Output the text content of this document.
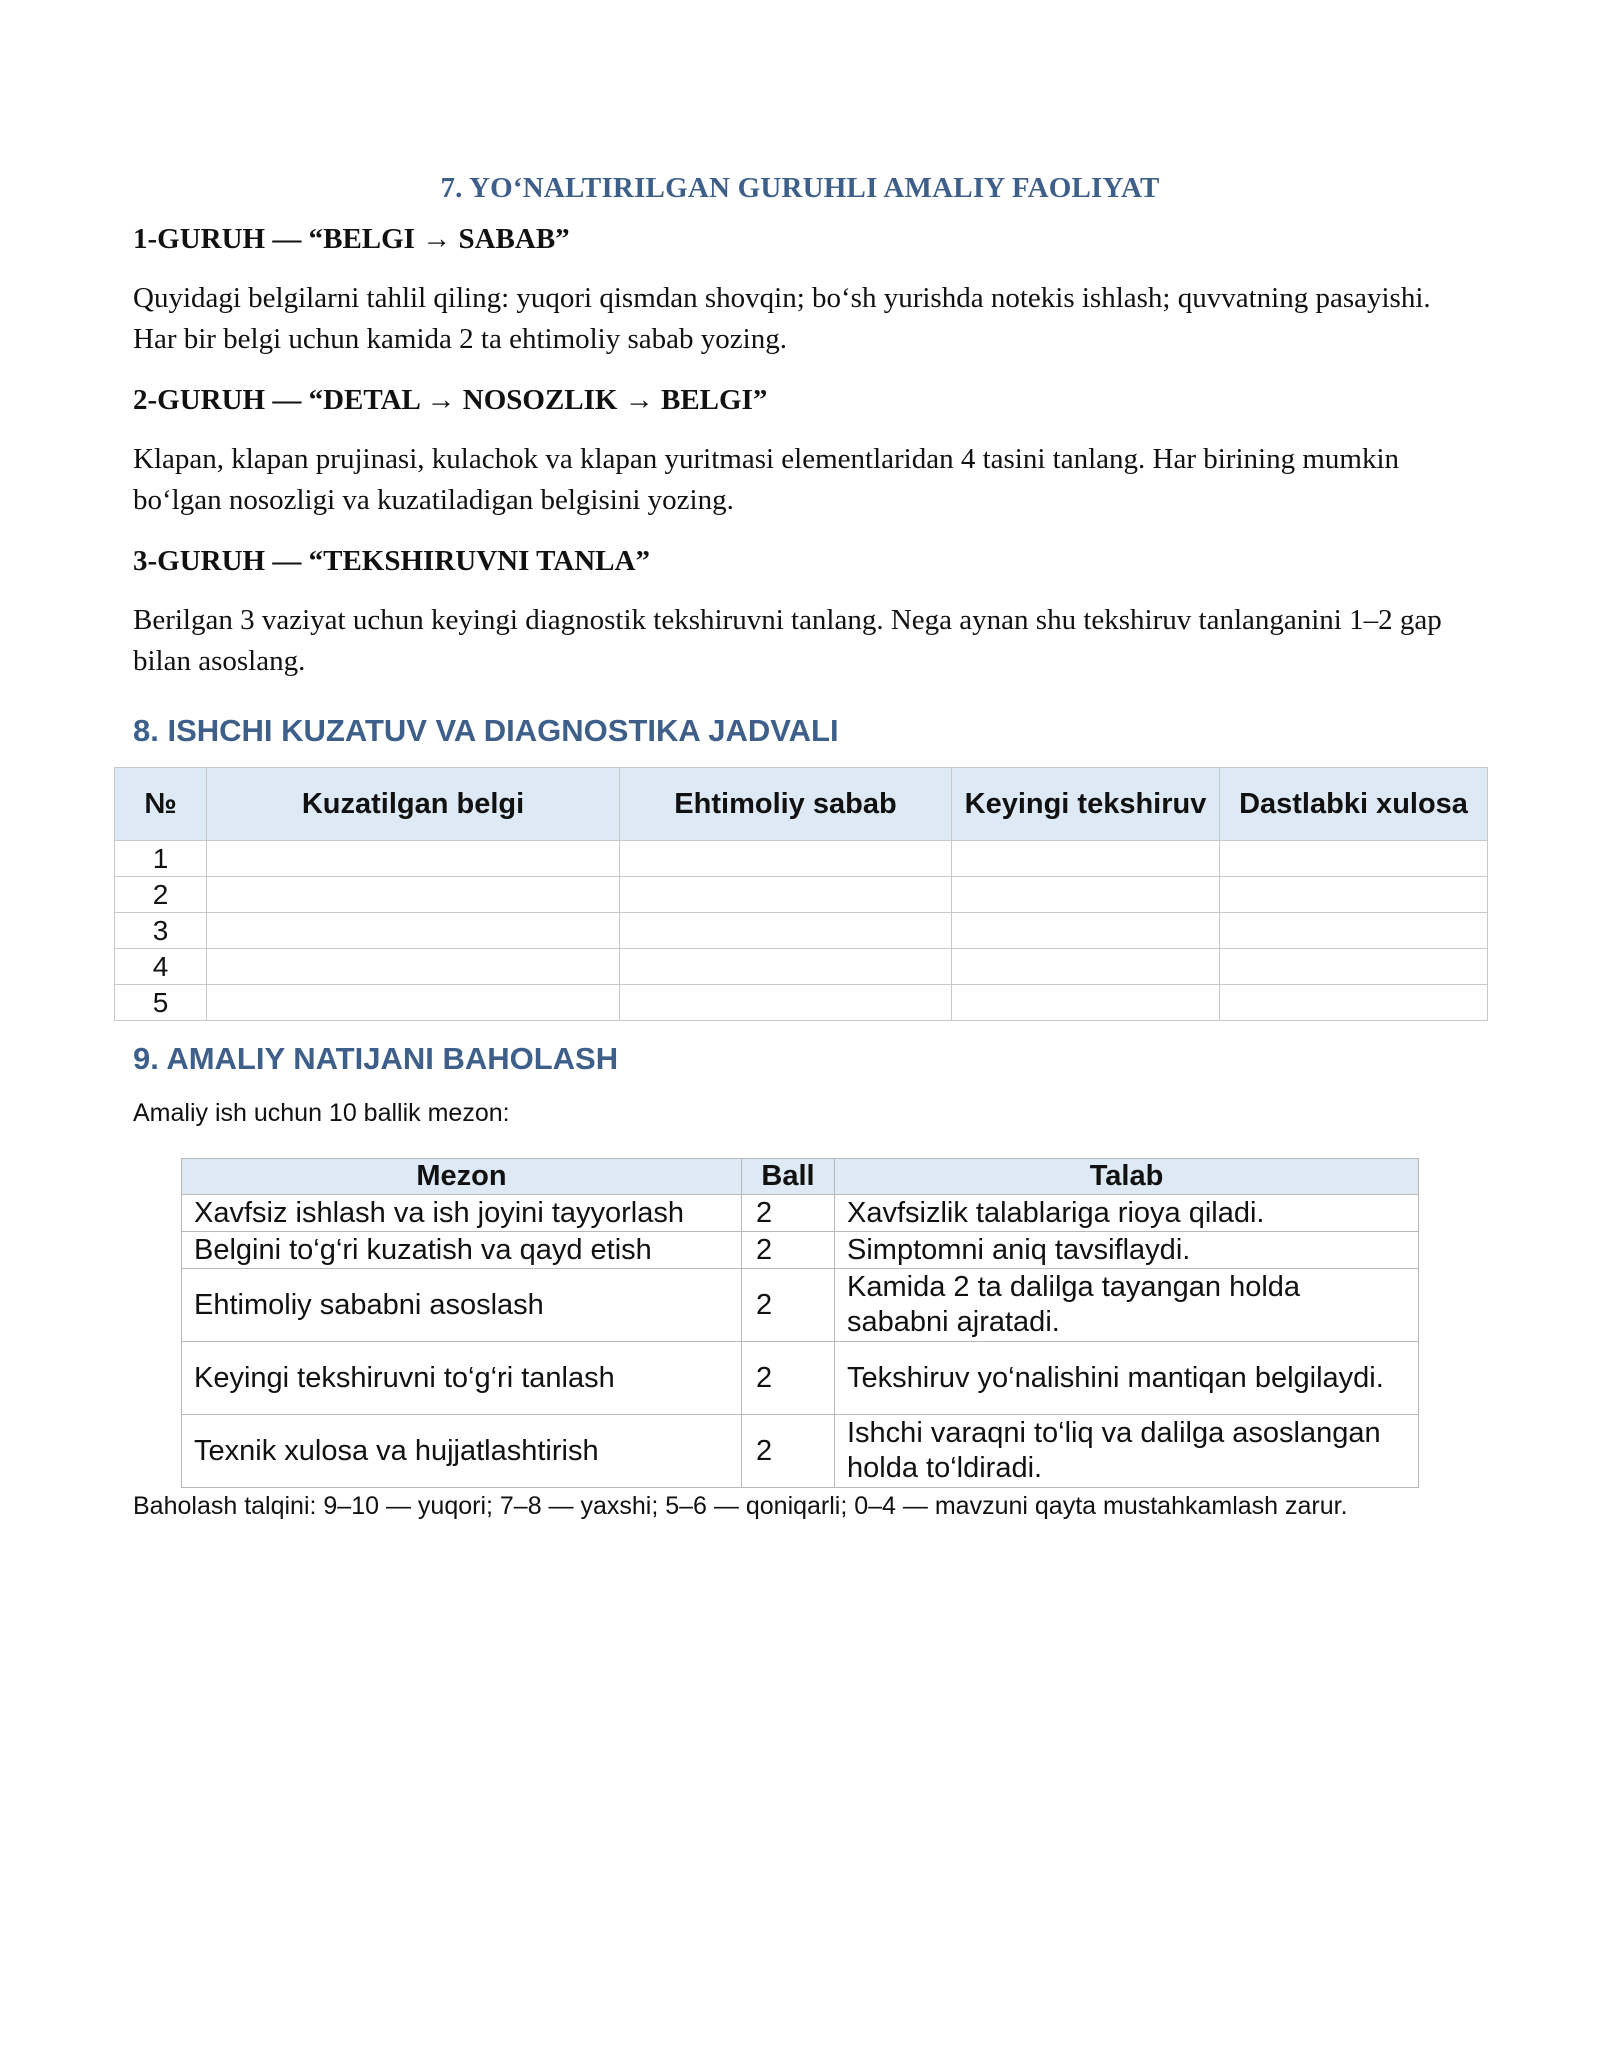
7. YO‘NALTIRILGAN GURUHLI AMALIY FAOLIYAT
1-GURUH — “BELGI → SABAB”

Quyidagi belgilarni tahlil qiling: yuqori qismdan shovqin; bo‘sh yurishda notekis ishlash; quvvatning pasayishi. Har bir belgi uchun kamida 2 ta ehtimoliy sabab yozing.

2-GURUH — “DETAL → NOSOZLIK → BELGI”

Klapan, klapan prujinasi, kulachok va klapan yuritmasi elementlaridan 4 tasini tanlang. Har birining mumkin bo‘lgan nosozligi va kuzatiladigan belgisini yozing.

3-GURUH — “TEKSHIRUVNI TANLA”

Berilgan 3 vaziyat uchun keyingi diagnostik tekshiruvni tanlang. Nega aynan shu tekshiruv tanlanganini 1–2 gap bilan asoslang.

8. ISHCHI KUZATUV VA DIAGNOSTIKA JADVALI
№	Kuzatilgan belgi	Ehtimoliy sabab	Keyingi tekshiruv	Dastlabki xulosa
1				
2				
3				
4				
5				
9. AMALIY NATIJANI BAHOLASH

Amaliy ish uchun 10 ballik mezon:

Mezon	Ball	Talab
Xavfsiz ishlash va ish joyini tayyorlash	2	Xavfsizlik talablariga rioya qiladi.
Belgini to‘g‘ri kuzatish va qayd etish	2	Simptomni aniq tavsiflaydi.
Ehtimoliy sababni asoslash	2	Kamida 2 ta dalilga tayangan holda sababni ajratadi.
Keyingi tekshiruvni to‘g‘ri tanlash	2	Tekshiruv yo‘nalishini mantiqan belgilaydi.
Texnik xulosa va hujjatlashtirish	2	Ishchi varaqni to‘liq va dalilga asoslangan holda to‘ldiradi.

Baholash talqini: 9–10 — yuqori; 7–8 — yaxshi; 5–6 — qoniqarli; 0–4 — mavzuni qayta mustahkamlash zarur.
